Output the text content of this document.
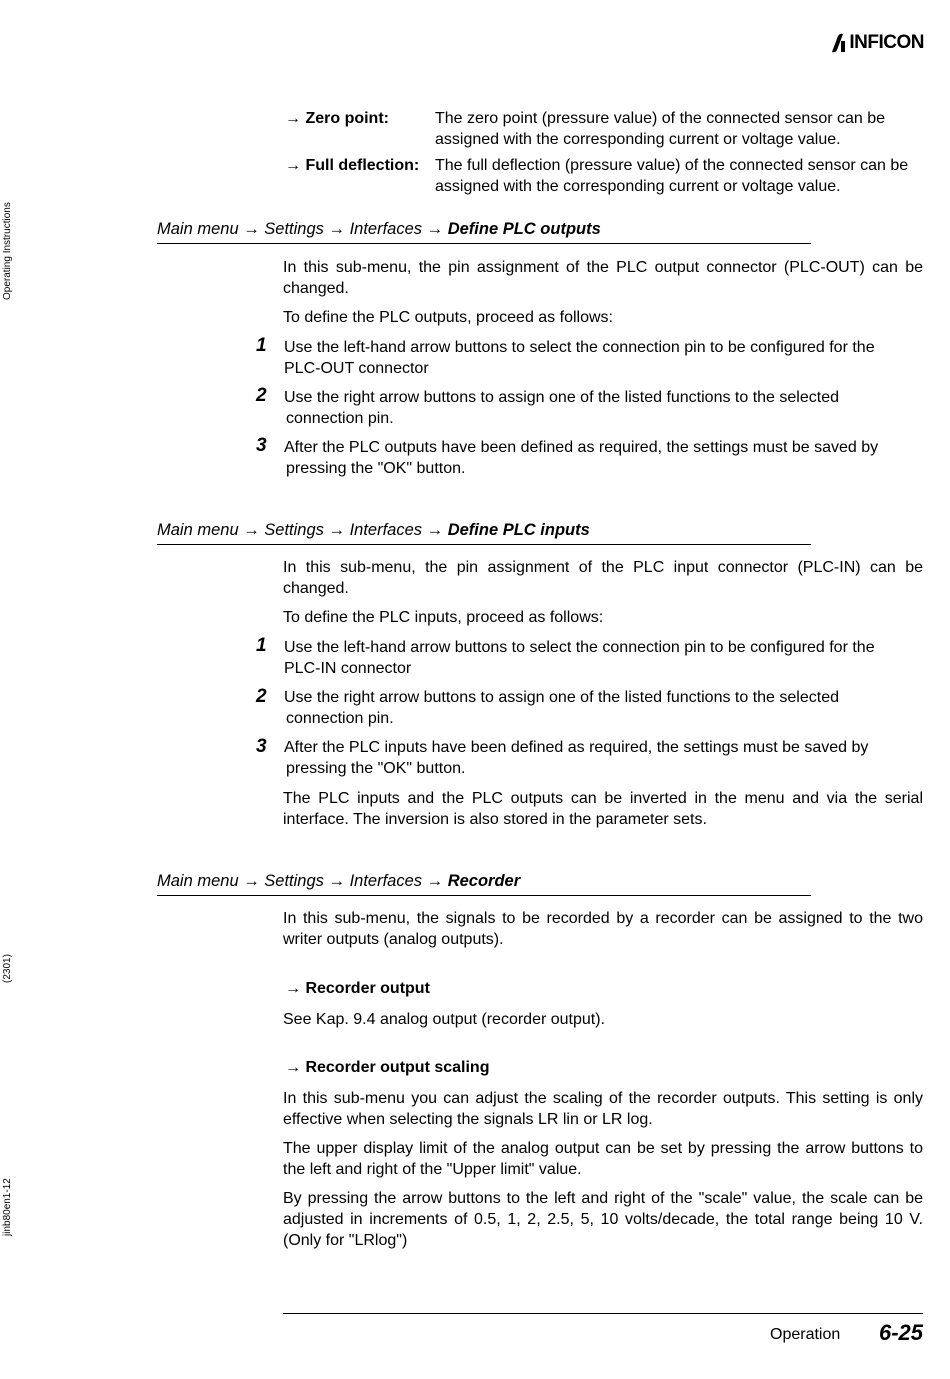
INFICON
Operating Instructions
(2301)
jinb80en1-12
→ Zero point:	The zero point (pressure value) of the connected sensor can be assigned with the corresponding current or voltage value.

→ Full deflection: The full deflection (pressure value) of the connected sensor can be assigned with the corresponding current or voltage value.

Main menu → Settings → Interfaces → Define PLC outputs

In this sub-menu, the pin assignment of the PLC output connector (PLC-OUT) can be changed.

To define the PLC outputs, proceed as follows:

1 Use the left-hand arrow buttons to select the connection pin to be configured for the
PLC-OUT connector

2 Use the right arrow buttons to assign one of the listed functions to the selected
connection pin.

3 After the PLC outputs have been defined as required, the settings must be saved by
pressing the "OK" button.

Main menu → Settings → Interfaces → Define PLC inputs

In this sub-menu, the pin assignment of the PLC input connector (PLC-IN) can be changed.

To define the PLC inputs, proceed as follows:

1 Use the left-hand arrow buttons to select the connection pin to be configured for the
PLC-IN connector

2 Use the right arrow buttons to assign one of the listed functions to the selected
connection pin.

3 After the PLC inputs have been defined as required, the settings must be saved by
pressing the "OK" button.

The PLC inputs and the PLC outputs can be inverted in the menu and via the serial interface. The inversion is also stored in the parameter sets.

Main menu → Settings → Interfaces → Recorder

In this sub-menu, the signals to be recorded by a recorder can be assigned to the two writer outputs (analog outputs).

→ Recorder output

See Kap. 9.4 analog output (recorder output).

→ Recorder output scaling

In this sub-menu you can adjust the scaling of the recorder outputs. This setting is only effective when selecting the signals LR lin or LR log.

The upper display limit of the analog output can be set by pressing the arrow buttons to the left and right of the "Upper limit" value.

By pressing the arrow buttons to the left and right of the "scale" value, the scale can be adjusted in increments of 0.5, 1, 2, 2.5, 5, 10 volts/decade, the total range being 10 V. (Only for "LRlog")

Operation 6-25
